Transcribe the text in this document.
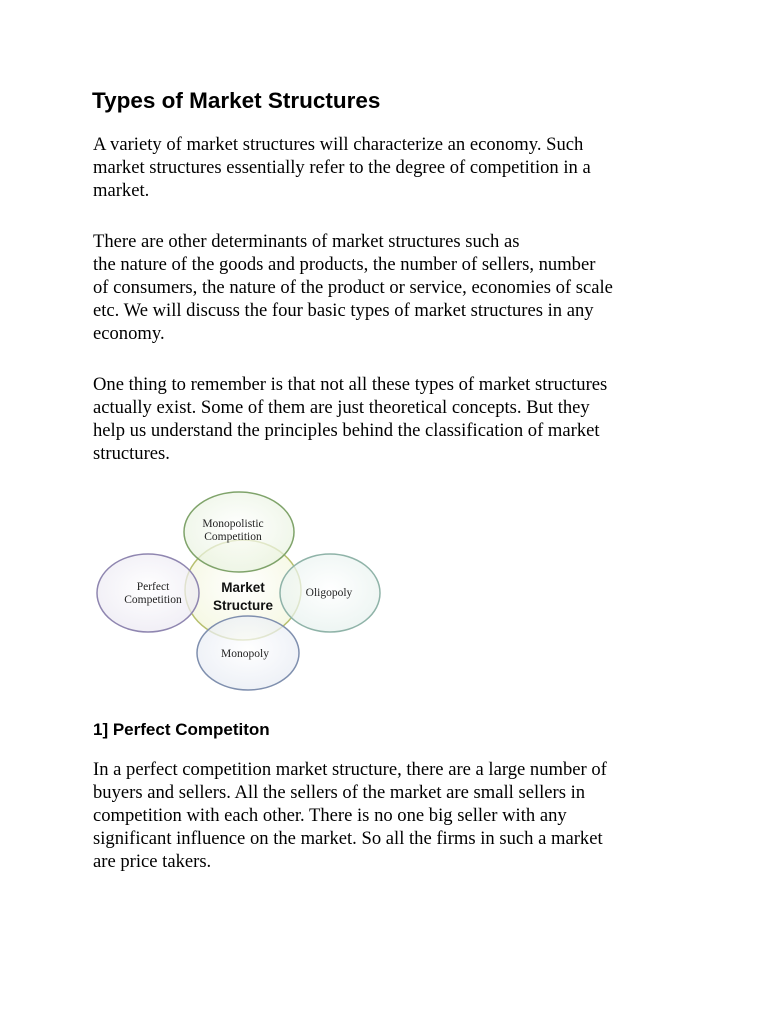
Types of Market Structures

A variety of market structures will characterize an economy. Such
market structures essentially refer to the degree of competition in a
market.

There are other determinants of market structures such as
the nature of the goods and products, the number of sellers, number
of consumers, the nature of the product or service, economies of scale
etc. We will discuss the four basic types of market structures in any
economy.

One thing to remember is that not all these types of market structures
actually exist. Some of them are just theoretical concepts. But they
help us understand the principles behind the classification of market
structures.

Monopolistic
Competition
Perfect
Competition
Oligopoly
Monopoly
Market
Structure
1] Perfect Competiton

In a perfect competition market structure, there are a large number of
buyers and sellers. All the sellers of the market are small sellers in
competition with each other. There is no one big seller with any
significant influence on the market. So all the firms in such a market
are price takers.
